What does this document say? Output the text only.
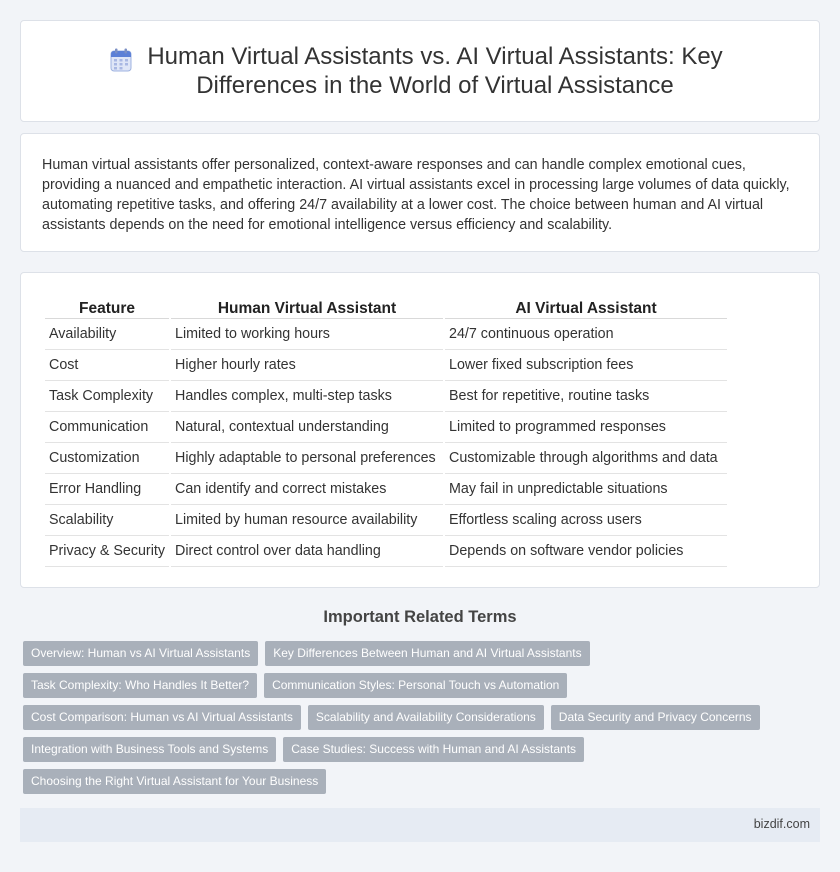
Human Virtual Assistants vs. AI Virtual Assistants: Key Differences in the World of Virtual Assistance

Human virtual assistants offer personalized, context-aware responses and can handle complex emotional cues, providing a nuanced and empathetic interaction. AI virtual assistants excel in processing large volumes of data quickly, automating repetitive tasks, and offering 24/7 availability at a lower cost. The choice between human and AI virtual assistants depends on the need for emotional intelligence versus efficiency and scalability.

Feature	Human Virtual Assistant	AI Virtual Assistant
Availability	Limited to working hours	24/7 continuous operation
Cost	Higher hourly rates	Lower fixed subscription fees
Task Complexity	Handles complex, multi-step tasks	Best for repetitive, routine tasks
Communication	Natural, contextual understanding	Limited to programmed responses
Customization	Highly adaptable to personal preferences	Customizable through algorithms and data
Error Handling	Can identify and correct mistakes	May fail in unpredictable situations
Scalability	Limited by human resource availability	Effortless scaling across users
Privacy & Security	Direct control over data handling	Depends on software vendor policies
Important Related Terms
Overview: Human vs AI Virtual Assistants	Key Differences Between Human and AI Virtual Assistants
Task Complexity: Who Handles It Better?	Communication Styles: Personal Touch vs Automation
Cost Comparison: Human vs AI Virtual Assistants	Scalability and Availability Considerations	Data Security and Privacy Concerns
Integration with Business Tools and Systems	Case Studies: Success with Human and AI Assistants
Choosing the Right Virtual Assistant for Your Business
bizdif.com
